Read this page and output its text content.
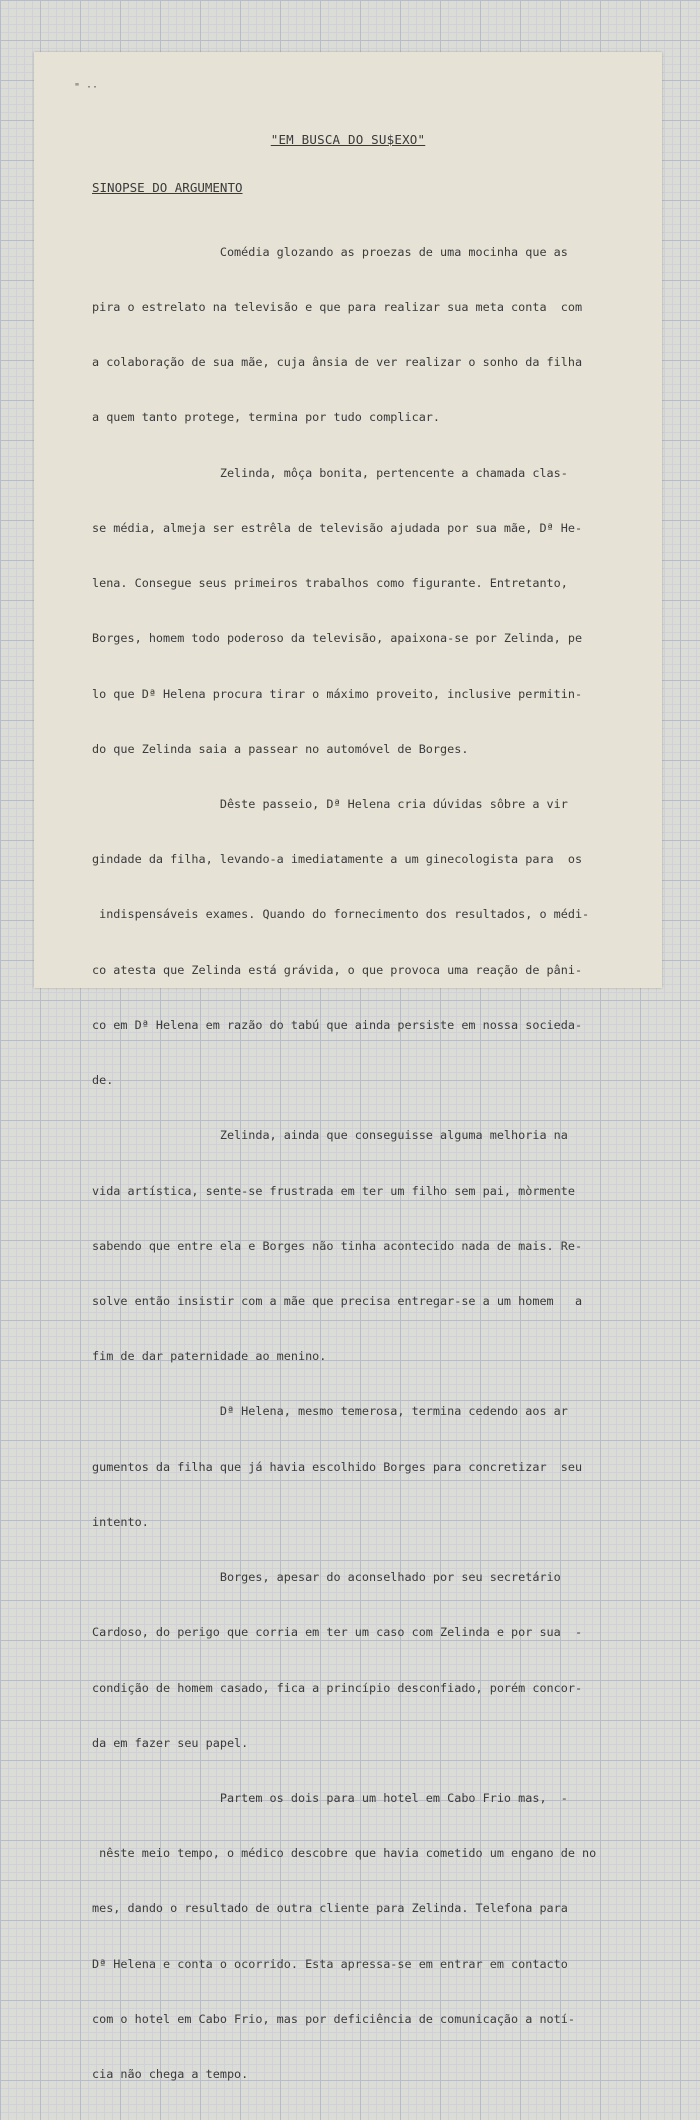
" ··
"EM BUSCA DO SU$EXO"
SINOPSE DO ARGUMENTO

Comédia glozando as proezas de uma mocinha que as

pira o estrelato na televisão e que para realizar sua meta conta  com

a colaboração de sua mãe, cuja ânsia de ver realizar o sonho da filha

a quem tanto protege, termina por tudo complicar.

Zelinda, môça bonita, pertencente a chamada clas-

se média, almeja ser estrêla de televisão ajudada por sua mãe, Dª He-

lena. Consegue seus primeiros trabalhos como figurante. Entretanto,

Borges, homem todo poderoso da televisão, apaixona-se por Zelinda, pe

lo que Dª Helena procura tirar o máximo proveito, inclusive permitin-

do que Zelinda saia a passear no automóvel de Borges.

Dêste passeio, Dª Helena cria dúvidas sôbre a vir

gindade da filha, levando-a imediatamente a um ginecologista para  os

indispensáveis exames. Quando do fornecimento dos resultados, o médi-

co atesta que Zelinda está grávida, o que provoca uma reação de pâni-

co em Dª Helena em razão do tabú que ainda persiste em nossa socieda-

de.

Zelinda, ainda que conseguisse alguma melhoria na

vida artística, sente-se frustrada em ter um filho sem pai, mòrmente

sabendo que entre ela e Borges não tinha acontecido nada de mais. Re-

solve então insistir com a mãe que precisa entregar-se a um homem   a

fim de dar paternidade ao menino.

Dª Helena, mesmo temerosa, termina cedendo aos ar

gumentos da filha que já havia escolhido Borges para concretizar  seu

intento.

Borges, apesar do aconselhado por seu secretário

Cardoso, do perigo que corria em ter um caso com Zelinda e por sua  -

condição de homem casado, fica a princípio desconfiado, porém concor-

da em fazer seu papel.

Partem os dois para um hotel em Cabo Frio mas,  -

nêste meio tempo, o médico descobre que havia cometido um engano de no

mes, dando o resultado de outra cliente para Zelinda. Telefona para

Dª Helena e conta o ocorrido. Esta apressa-se em entrar em contacto

com o hotel em Cabo Frio, mas por deficiência de comunicação a notí-

cia não chega a tempo.
